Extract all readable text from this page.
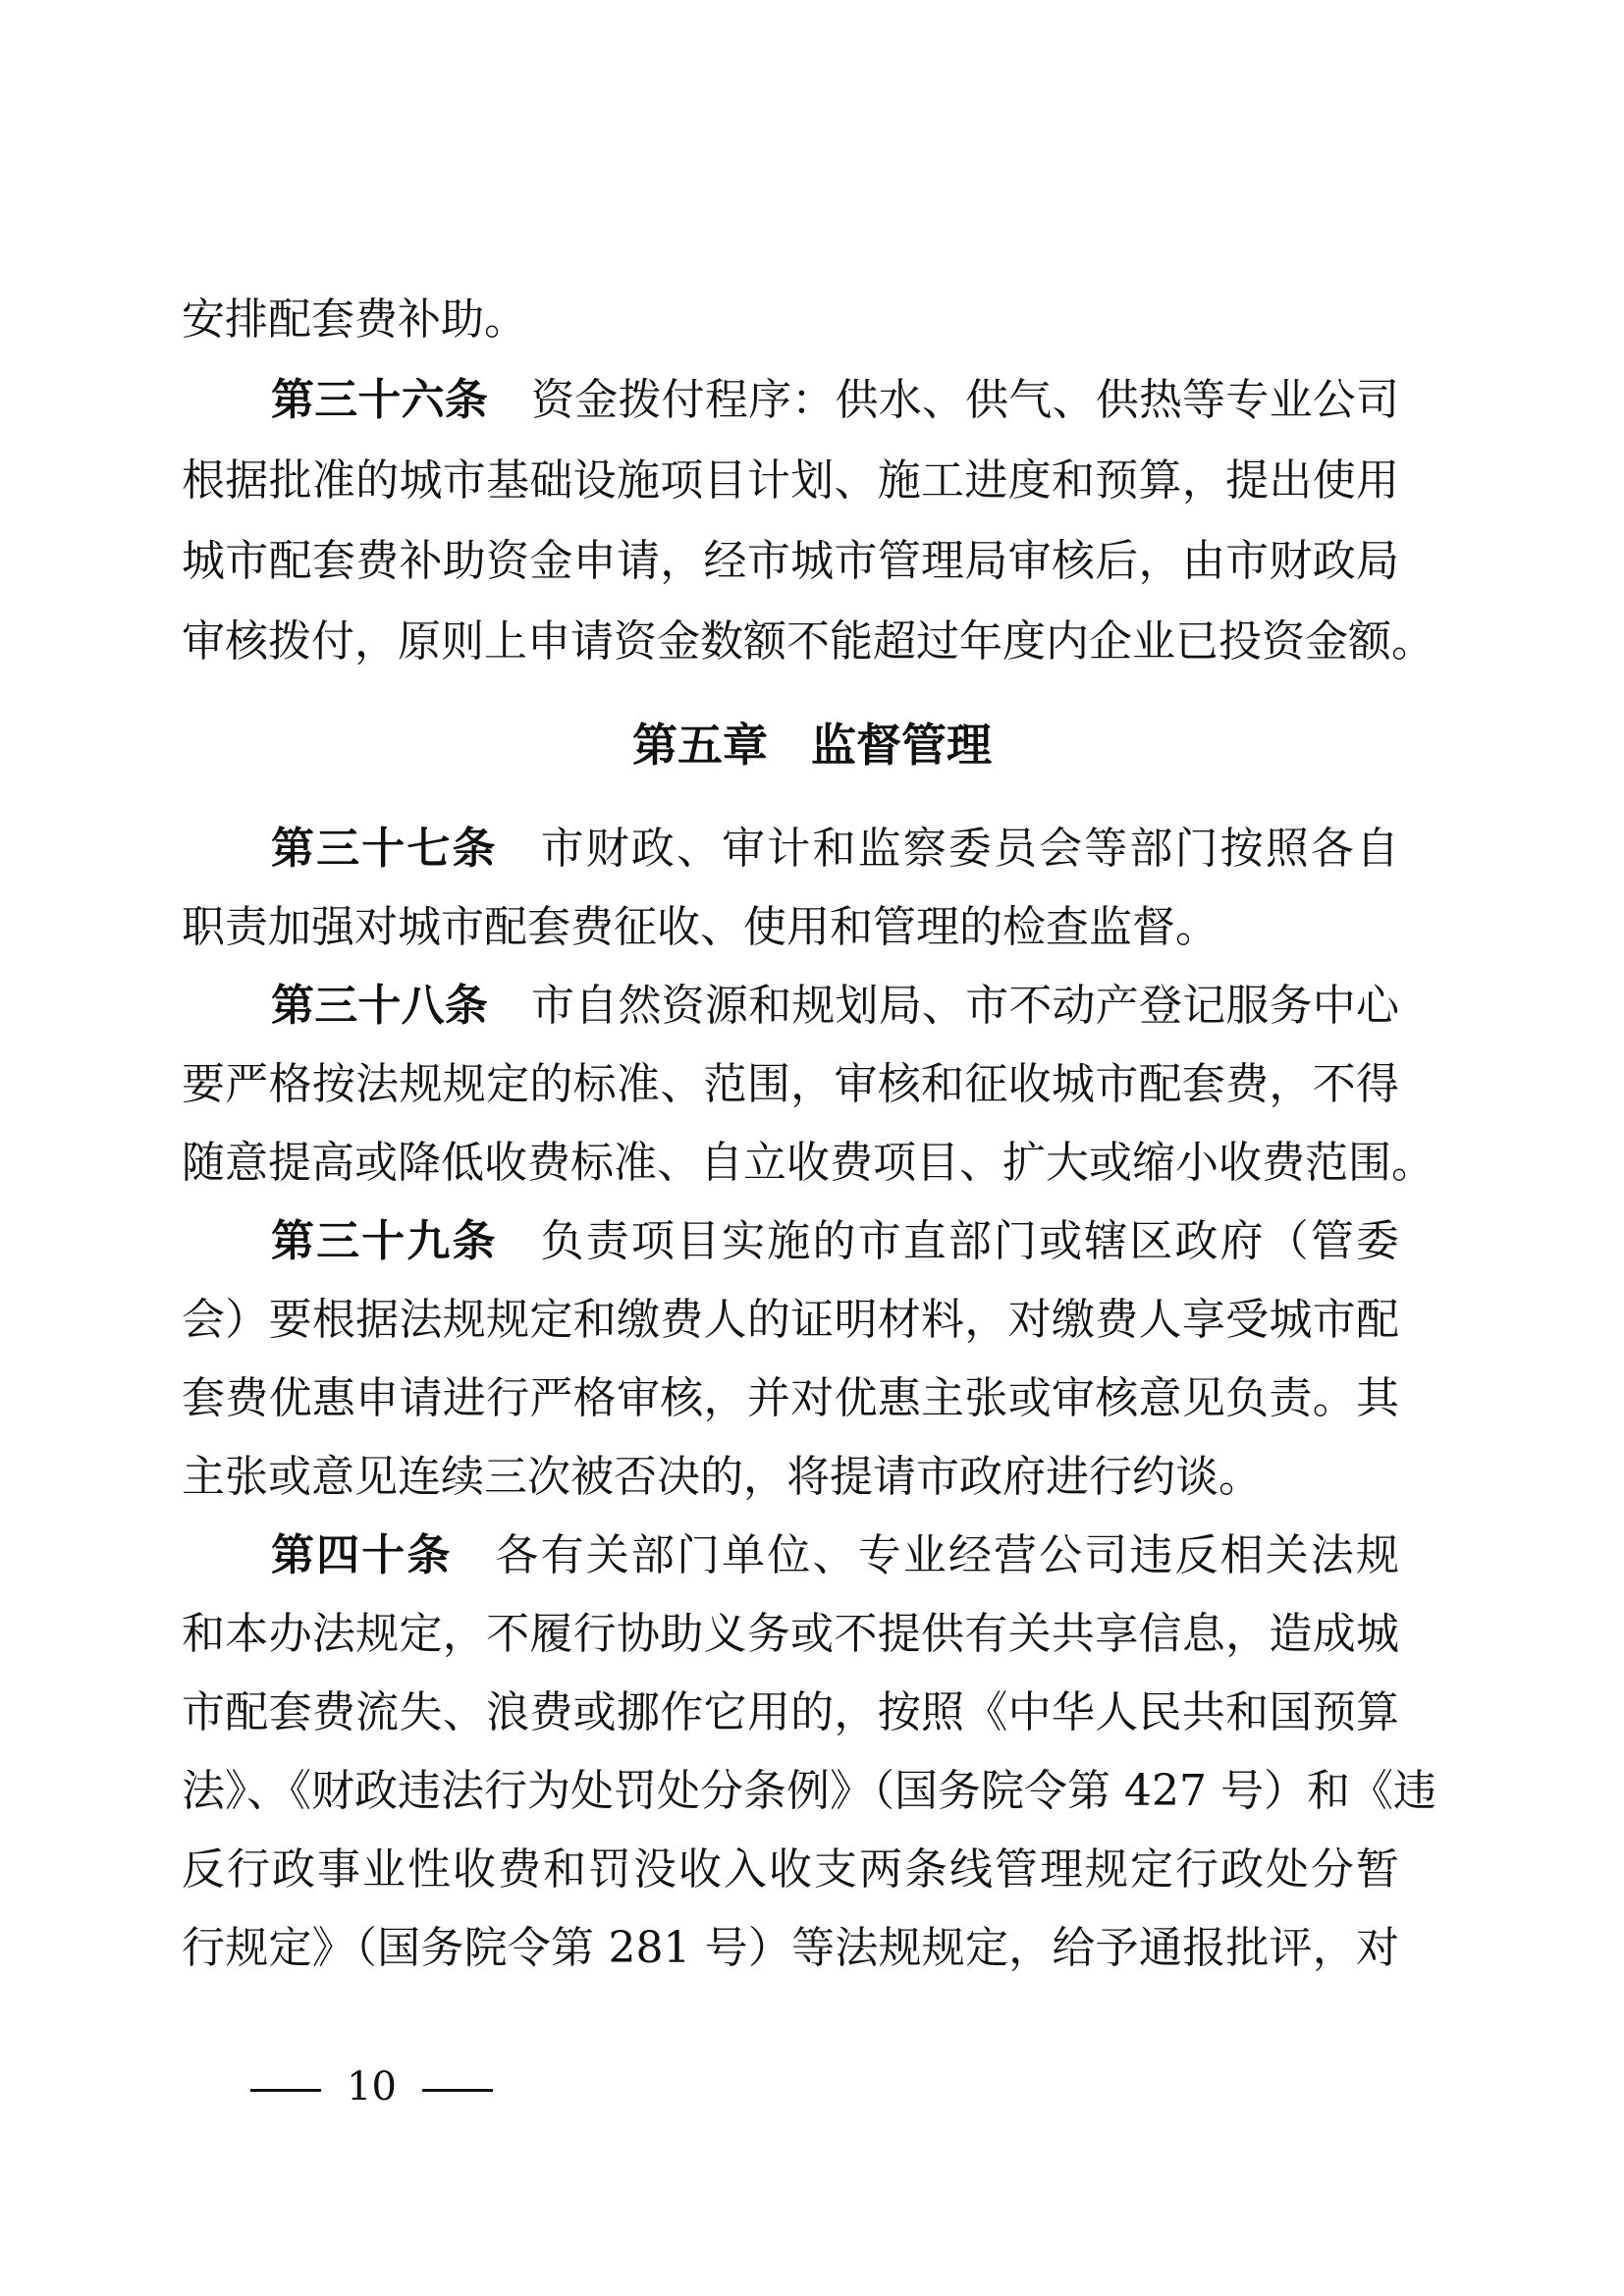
安排配套费补助。
第三十六条 资金拨付程序：供水、供气、供热等专业公司
根据批准的城市基础设施项目计划、施工进度和预算，提出使用
城市配套费补助资金申请，经市城市管理局审核后，由市财政局
审核拨付，原则上申请资金数额不能超过年度内企业已投资金额。
第五章 监督管理
第三十七条 市财政、审计和监察委员会等部门按照各自
职责加强对城市配套费征收、使用和管理的检查监督。
第三十八条 市自然资源和规划局、市不动产登记服务中心
要严格按法规规定的标准、范围，审核和征收城市配套费，不得
随意提高或降低收费标准、自立收费项目、扩大或缩小收费范围。
第三十九条 负责项目实施的市直部门或辖区政府（管委
会）要根据法规规定和缴费人的证明材料，对缴费人享受城市配
套费优惠申请进行严格审核，并对优惠主张或审核意见负责。其
主张或意见连续三次被否决的，将提请市政府进行约谈。
第四十条 各有关部门单位、专业经营公司违反相关法规
和本办法规定，不履行协助义务或不提供有关共享信息，造成城
市配套费流失、浪费或挪作它用的，按照《中华人民共和国预算
法》、《财政违法行为处罚处分条例》（国务院令第 427 号）和《违
反行政事业性收费和罚没收入收支两条线管理规定行政处分暂
行规定》（国务院令第 281 号）等法规规定，给予通报批评，对
10
